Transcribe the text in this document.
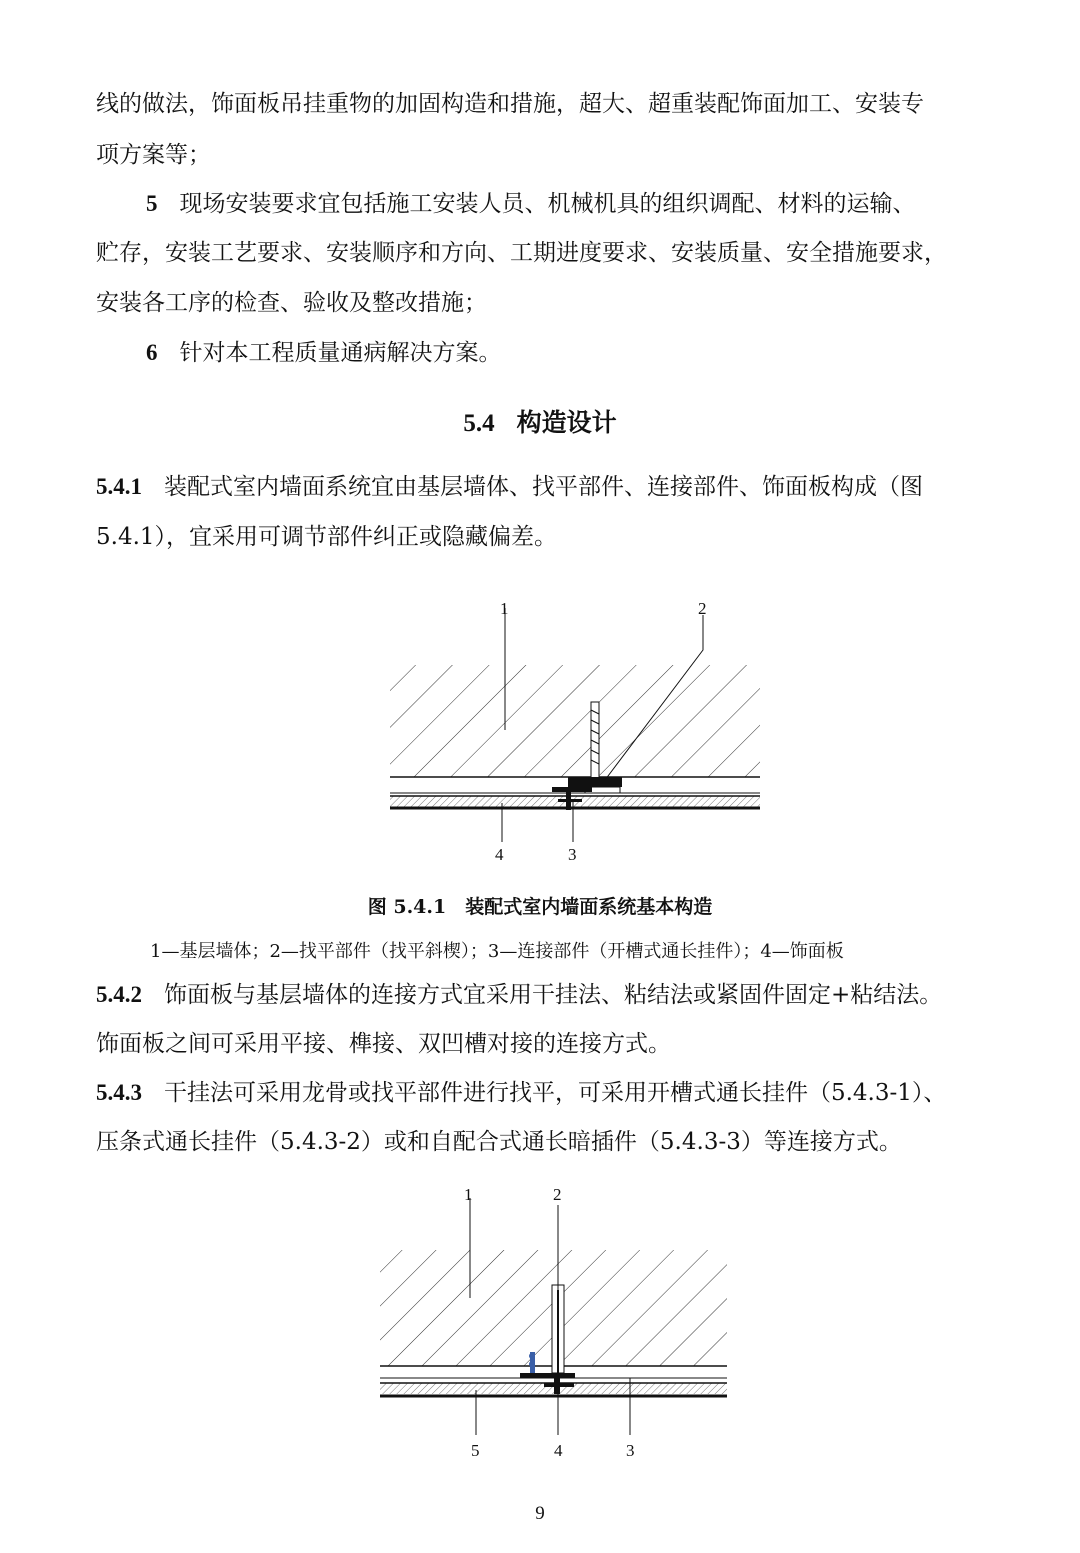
线的做法，饰面板吊挂重物的加固构造和措施，超大、超重装配饰面加工、安装专
项方案等；
5 现场安装要求宜包括施工安装人员、机械机具的组织调配、材料的运输、
贮存，安装工艺要求、安装顺序和方向、工期进度要求、安装质量、安全措施要求，
安装各工序的检查、验收及整改措施；
6 针对本工程质量通病解决方案。
5.4 构造设计
5.4.1 装配式室内墙面系统宜由基层墙体、找平部件、连接部件、饰面板构成（图
5.4.1），宜采用可调节部件纠正或隐藏偏差。
1	2
3
4
图 5.4.1　装配式室内墙面系统基本构造
1—基层墙体；2—找平部件（找平斜楔）；3—连接部件（开槽式通长挂件）；4—饰面板
5.4.2 饰面板与基层墙体的连接方式宜采用干挂法、粘结法或紧固件固定+粘结法。
饰面板之间可采用平接、榫接、双凹槽对接的连接方式。
5.4.3 干挂法可采用龙骨或找平部件进行找平，可采用开槽式通长挂件（5.4.3-1）、
压条式通长挂件（5.4.3-2）或和自配合式通长暗插件（5.4.3-3）等连接方式。
1	2
3
4
5
9
